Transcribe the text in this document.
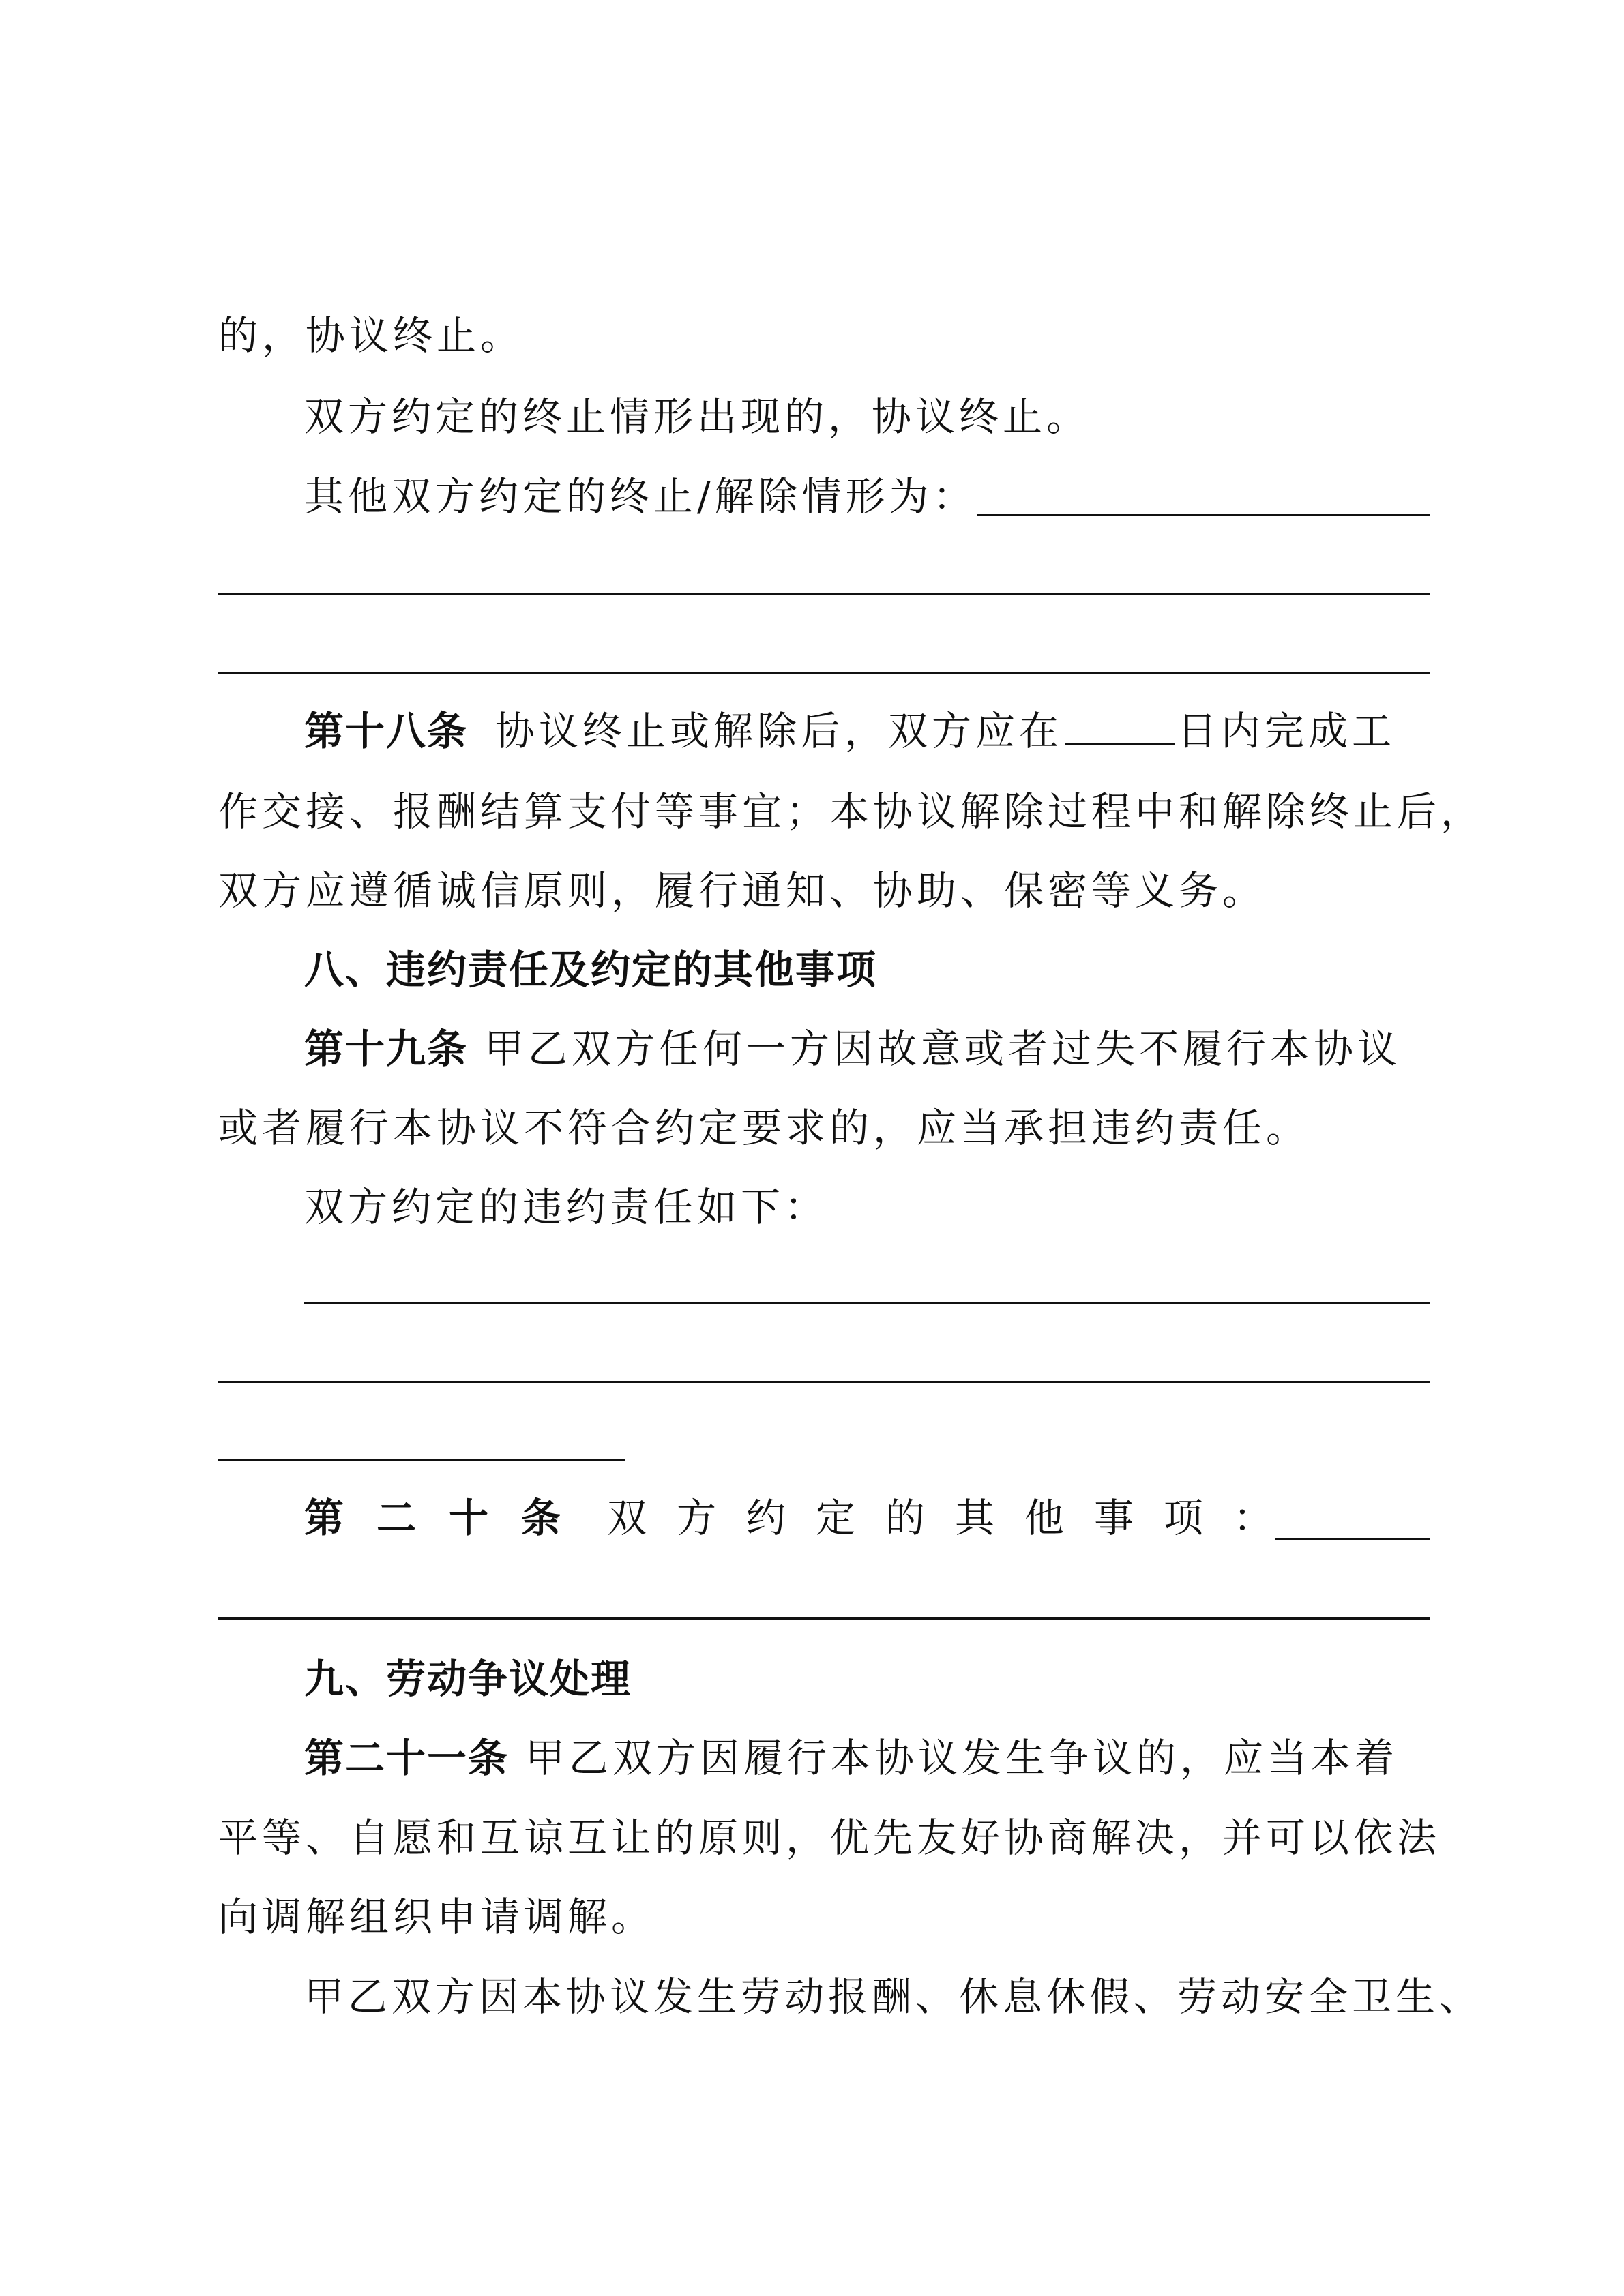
的，协议终止。
双方约定的终止情形出现的，协议终止。
其他双方约定的终止/解除情形为：
第十八条 协议终止或解除后，双方应在	日内完成工
作交接、报酬结算支付等事宜；本协议解除过程中和解除终止后，
双方应遵循诚信原则，履行通知、协助、保密等义务。
八、违约责任及约定的其他事项
第十九条 甲乙双方任何一方因故意或者过失不履行本协议
或者履行本协议不符合约定要求的，应当承担违约责任。
双方约定的违约责任如下：
第二十条 双方约定的其他事项：
九、劳动争议处理
第二十一条 甲乙双方因履行本协议发生争议的，应当本着
平等、自愿和互谅互让的原则，优先友好协商解决，并可以依法
向调解组织申请调解。
甲乙双方因本协议发生劳动报酬、休息休假、劳动安全卫生、
